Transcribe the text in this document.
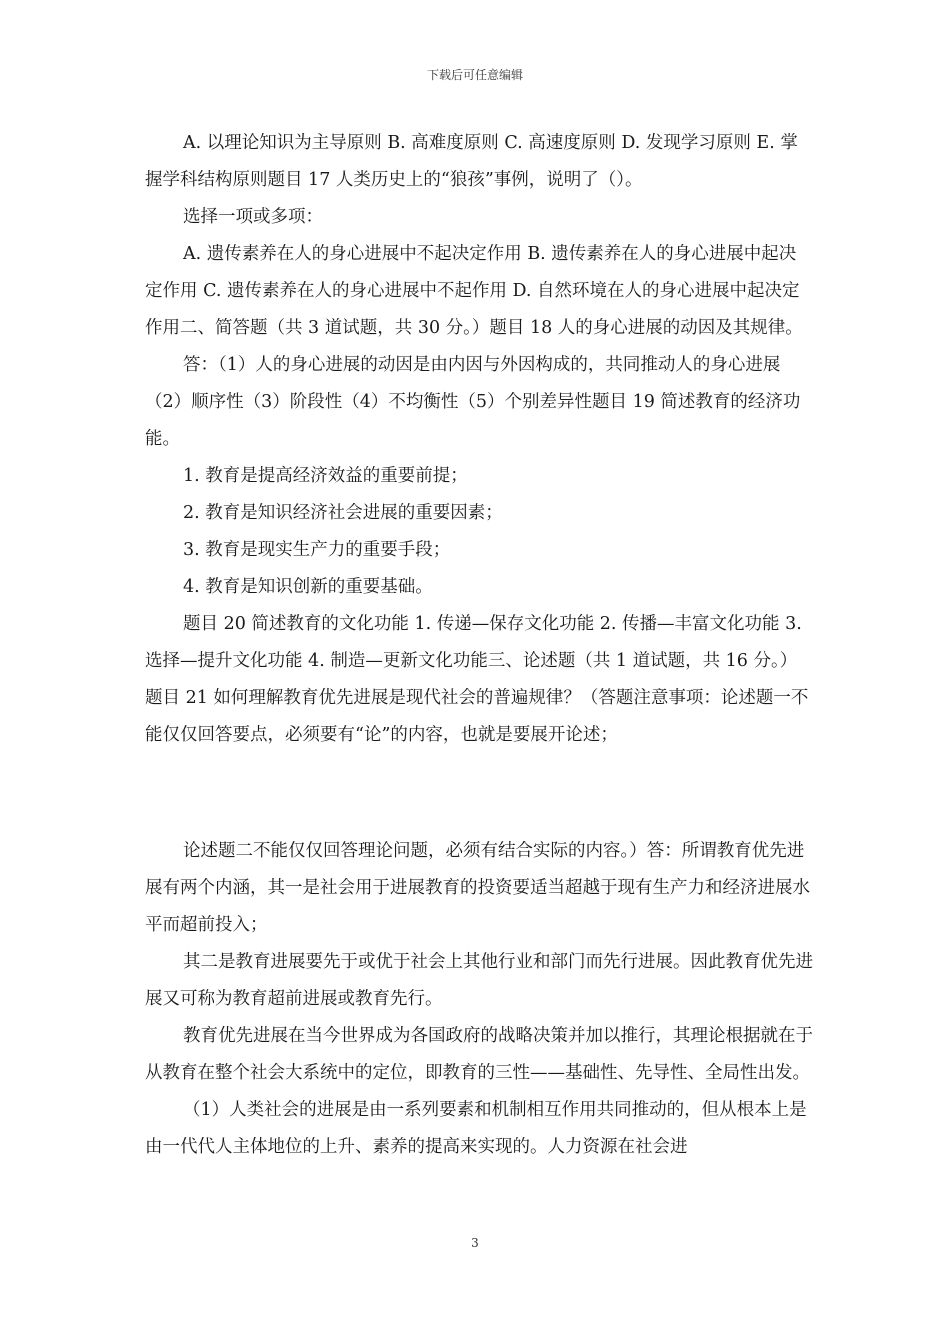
下载后可任意编辑

A. 以理论知识为主导原则 B. 高难度原则 C. 高速度原则 D. 发现学习原则 E. 掌握学科结构原则题目 17 人类历史上的“狼孩”事例，说明了（）。

选择一项或多项：

A. 遗传素养在人的身心进展中不起决定作用 B. 遗传素养在人的身心进展中起决定作用 C. 遗传素养在人的身心进展中不起作用 D. 自然环境在人的身心进展中起决定作用二、简答题（共 3 道试题，共 30 分。）题目 18 人的身心进展的动因及其规律。

答：（1）人的身心进展的动因是由内因与外因构成的，共同推动人的身心进展（2）顺序性（3）阶段性（4）不均衡性（5）个别差异性题目 19 简述教育的经济功能。

1. 教育是提高经济效益的重要前提；

2. 教育是知识经济社会进展的重要因素；

3. 教育是现实生产力的重要手段；

4. 教育是知识创新的重要基础。

题目 20 简述教育的文化功能 1. 传递—保存文化功能 2. 传播—丰富文化功能 3. 选择—提升文化功能 4. 制造—更新文化功能三、论述题（共 1 道试题，共 16 分。）题目 21 如何理解教育优先进展是现代社会的普遍规律？（答题注意事项：论述题一不能仅仅回答要点，必须要有“论”的内容，也就是要展开论述；

论述题二不能仅仅回答理论问题，必须有结合实际的内容。）答：所谓教育优先进展有两个内涵，其一是社会用于进展教育的投资要适当超越于现有生产力和经济进展水平而超前投入；

其二是教育进展要先于或优于社会上其他行业和部门而先行进展。因此教育优先进展又可称为教育超前进展或教育先行。

教育优先进展在当今世界成为各国政府的战略决策并加以推行，其理论根据就在于从教育在整个社会大系统中的定位，即教育的三性——基础性、先导性、全局性出发。

（1）人类社会的进展是由一系列要素和机制相互作用共同推动的，但从根本上是由一代代人主体地位的上升、素养的提高来实现的。人力资源在社会进

3
